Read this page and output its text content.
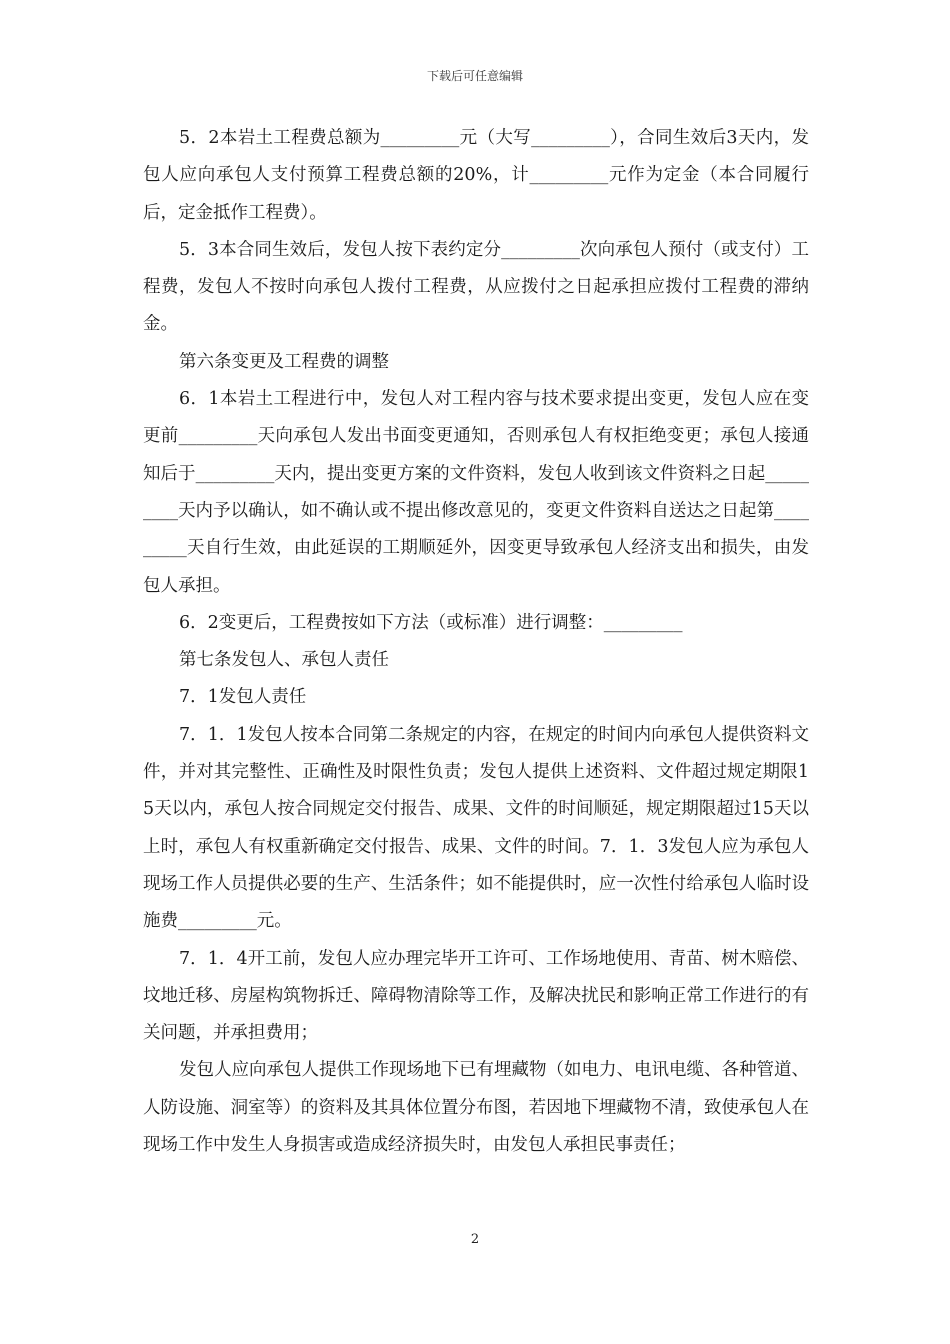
下载后可任意编辑

5．2本岩土工程费总额为_________元（大写_________），合同生效后3天内，发包人应向承包人支付预算工程费总额的20%，计_________元作为定金（本合同履行后，定金抵作工程费）。

5．3本合同生效后，发包人按下表约定分_________次向承包人预付（或支付）工程费，发包人不按时向承包人拨付工程费，从应拨付之日起承担应拨付工程费的滞纳金。

第六条变更及工程费的调整

6．1本岩土工程进行中，发包人对工程内容与技术要求提出变更，发包人应在变更前_________天向承包人发出书面变更通知，否则承包人有权拒绝变更；承包人接通知后于_________天内，提出变更方案的文件资料，发包人收到该文件资料之日起_________天内予以确认，如不确认或不提出修改意见的，变更文件资料自送达之日起第_________天自行生效，由此延误的工期顺延外，因变更导致承包人经济支出和损失，由发包人承担。

6．2变更后，工程费按如下方法（或标准）进行调整：_________

第七条发包人、承包人责任

7．1发包人责任

7．1．1发包人按本合同第二条规定的内容，在规定的时间内向承包人提供资料文件，并对其完整性、正确性及时限性负责；发包人提供上述资料、文件超过规定期限15天以内，承包人按合同规定交付报告、成果、文件的时间顺延，规定期限超过15天以上时，承包人有权重新确定交付报告、成果、文件的时间。7．1．3发包人应为承包人现场工作人员提供必要的生产、生活条件；如不能提供时，应一次性付给承包人临时设施费_________元。

7．1．4开工前，发包人应办理完毕开工许可、工作场地使用、青苗、树木赔偿、坟地迁移、房屋构筑物拆迁、障碍物清除等工作，及解决扰民和影响正常工作进行的有关问题，并承担费用；

发包人应向承包人提供工作现场地下已有埋藏物（如电力、电讯电缆、各种管道、人防设施、洞室等）的资料及其具体位置分布图，若因地下埋藏物不清，致使承包人在现场工作中发生人身损害或造成经济损失时，由发包人承担民事责任；

2
